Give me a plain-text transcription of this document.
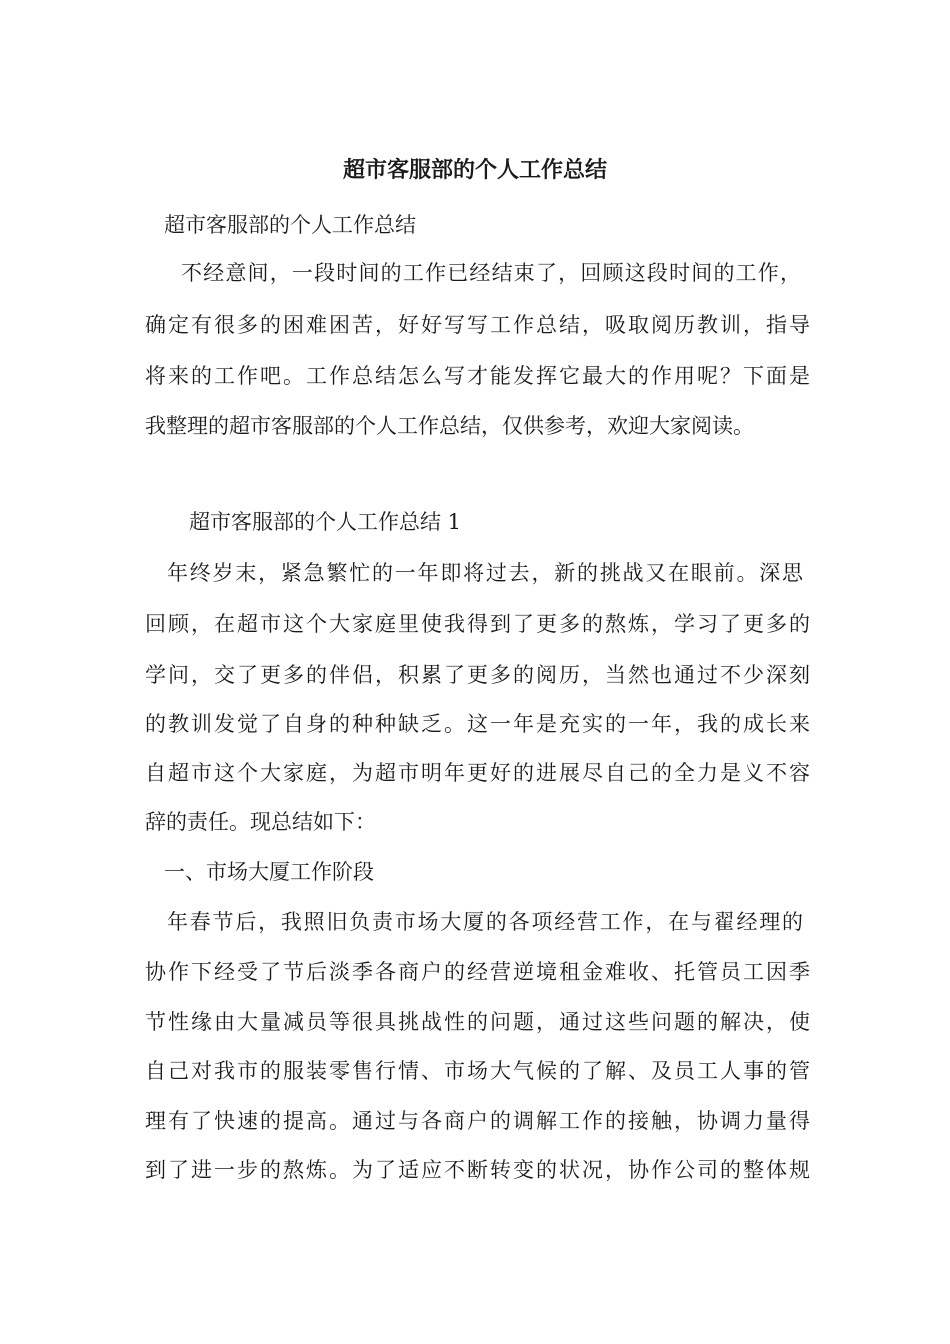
超市客服部的个人工作总结

超市客服部的个人工作总结

不经意间，一段时间的工作已经结束了，回顾这段时间的工作，

确定有很多的困难困苦，好好写写工作总结，吸取阅历教训，指导

将来的工作吧。工作总结怎么写才能发挥它最大的作用呢？下面是

我整理的超市客服部的个人工作总结，仅供参考，欢迎大家阅读。

超市客服部的个人工作总结 1

年终岁末，紧急繁忙的一年即将过去，新的挑战又在眼前。深思

回顾，在超市这个大家庭里使我得到了更多的熬炼，学习了更多的

学问，交了更多的伴侣，积累了更多的阅历，当然也通过不少深刻

的教训发觉了自身的种种缺乏。这一年是充实的一年，我的成长来

自超市这个大家庭，为超市明年更好的进展尽自己的全力是义不容

辞的责任。现总结如下：

一、市场大厦工作阶段

年春节后，我照旧负责市场大厦的各项经营工作，在与翟经理的

协作下经受了节后淡季各商户的经营逆境租金难收、托管员工因季

节性缘由大量减员等很具挑战性的问题，通过这些问题的解决，使

自己对我市的服装零售行情、市场大气候的了解、及员工人事的管

理有了快速的提高。通过与各商户的调解工作的接触，协调力量得

到了进一步的熬炼。为了适应不断转变的状况，协作公司的整体规
